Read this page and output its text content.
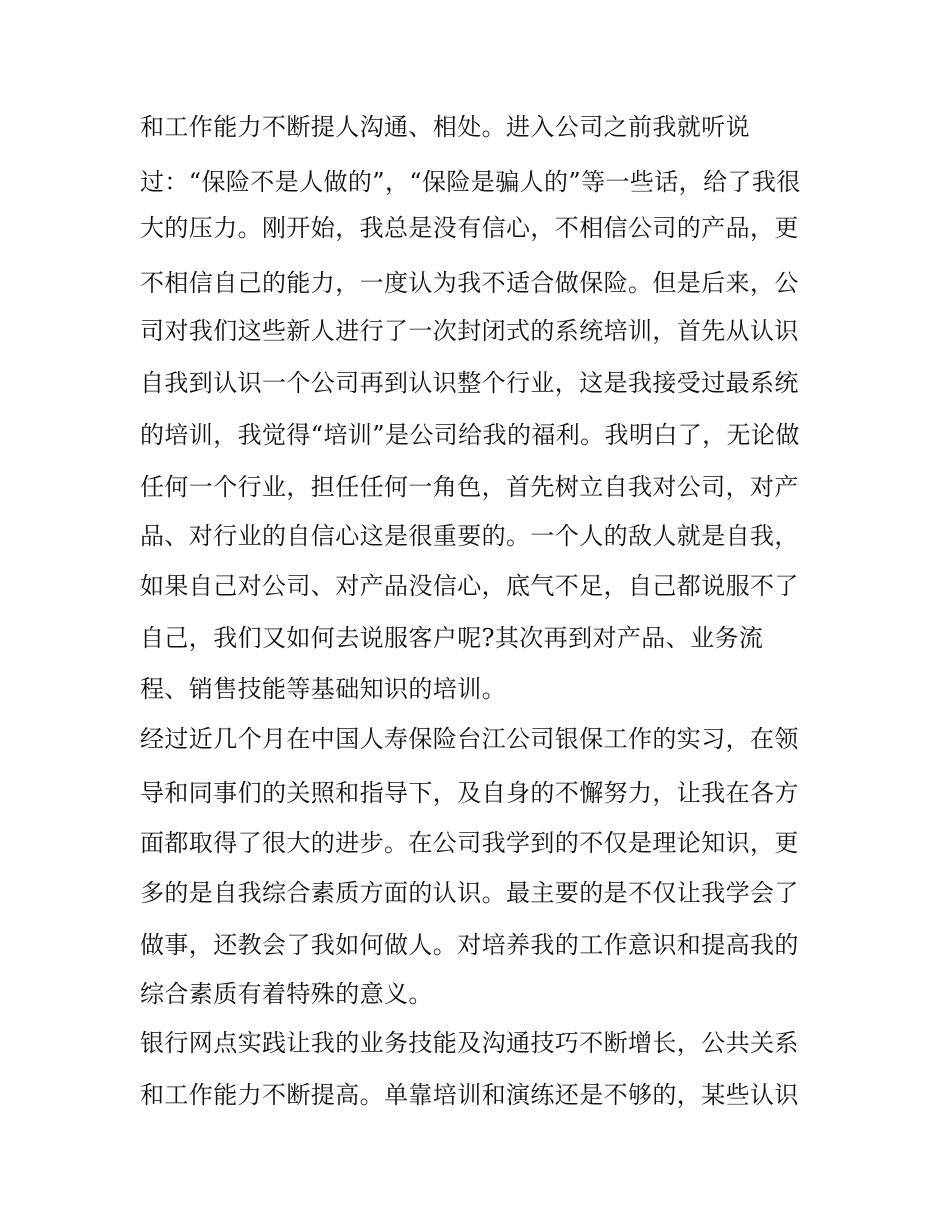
和工作能力不断提人沟通、相处。进入公司之前我就听说
过：“保险不是人做的”，“保险是骗人的”等一些话，给了我很
大的压力。刚开始，我总是没有信心，不相信公司的产品，更
不相信自己的能力，一度认为我不适合做保险。但是后来，公
司对我们这些新人进行了一次封闭式的系统培训，首先从认识
自我到认识一个公司再到认识整个行业，这是我接受过最系统
的培训，我觉得“培训”是公司给我的福利。我明白了，无论做
任何一个行业，担任任何一角色，首先树立自我对公司，对产
品、对行业的自信心这是很重要的。一个人的敌人就是自我，
如果自己对公司、对产品没信心，底气不足，自己都说服不了
自己，我们又如何去说服客户呢?其次再到对产品、业务流
程、销售技能等基础知识的培训。
经过近几个月在中国人寿保险台江公司银保工作的实习，在领
导和同事们的关照和指导下，及自身的不懈努力，让我在各方
面都取得了很大的进步。在公司我学到的不仅是理论知识，更
多的是自我综合素质方面的认识。最主要的是不仅让我学会了
做事，还教会了我如何做人。对培养我的工作意识和提高我的
综合素质有着特殊的意义。
银行网点实践让我的业务技能及沟通技巧不断增长，公共关系
和工作能力不断提高。单靠培训和演练还是不够的，某些认识
